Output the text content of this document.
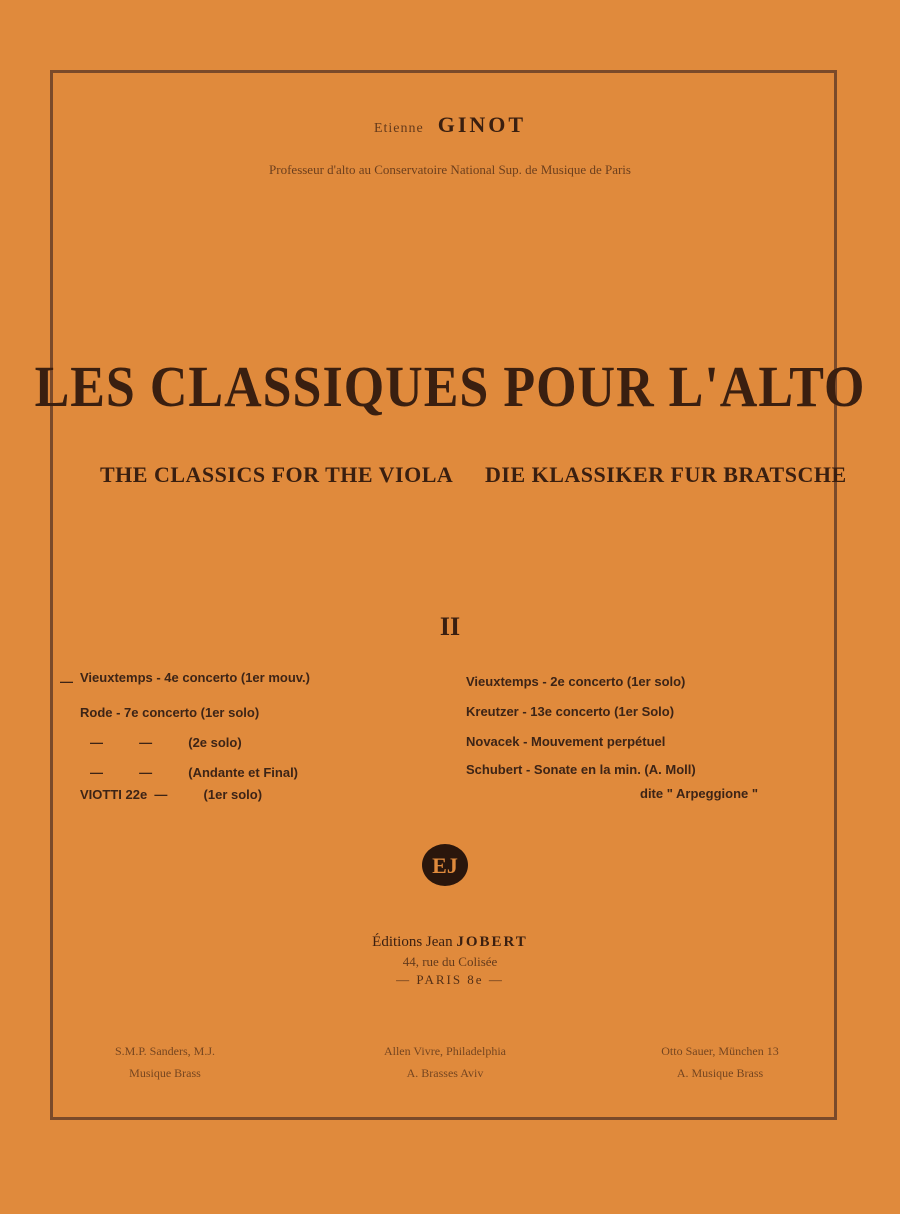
Etienne GINOT
Professeur d'alto au Conservatoire National Sup. de Musique de Paris
LES CLASSIQUES POUR L'ALTO
THE CLASSICS FOR THE VIOLA DIE KLASSIKER FUR BRATSCHE
II
— Vieuxtemps - 4e concerto (1er mouv.)
Rode - 7e concerto (1er solo)
—          —          (2e solo)
—          —          (Andante et Final)
VIOTTI 22e  —          (1er solo)
Vieuxtemps - 2e concerto (1er solo)
Kreutzer - 13e concerto (1er Solo)
Novacek - Mouvement perpétuel
Schubert - Sonate en la min. (A. Moll)
dite " Arpeggione "
EJ
Éditions Jean JOBERT
44, rue du Colisée
— PARIS 8e —
S.M.P. Sanders, M.J.
Musique Brass
Allen Vivre, Philadelphia
A. Brasses Aviv
Otto Sauer, München 13
A. Musique Brass
